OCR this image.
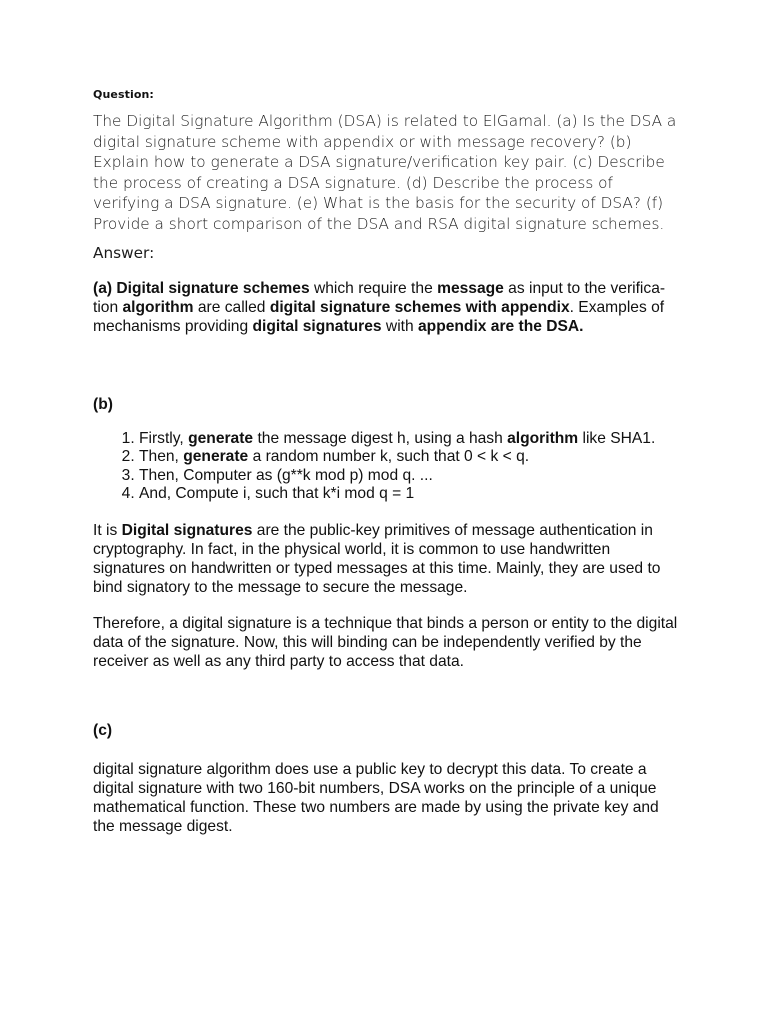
Question:

The Digital Signature Algorithm (DSA) is related to ElGamal. (a) Is the DSA a digital signature scheme with appendix or with message recovery? (b) Explain how to generate a DSA signature/verification key pair. (c) Describe the process of creating a DSA signature. (d) Describe the process of verifying a DSA signature. (e) What is the basis for the security of DSA? (f) Provide a short comparison of the DSA and RSA digital signature schemes.

Answer:

(a) Digital signature schemes which require the message as input to the verifica- tion algorithm are called digital signature schemes with appendix. Examples of mechanisms providing digital signatures with appendix are the DSA.

(b)

1. Firstly, generate the message digest h, using a hash algorithm like SHA1.
2. Then, generate a random number k, such that 0 < k < q.
3. Then, Computer as (g**k mod p) mod q. ...
4. And, Compute i, such that k*i mod q = 1

It is Digital signatures are the public-key primitives of message authentication in cryptography. In fact, in the physical world, it is common to use handwritten signatures on handwritten or typed messages at this time. Mainly, they are used to bind signatory to the message to secure the message.

Therefore, a digital signature is a technique that binds a person or entity to the digital data of the signature. Now, this will binding can be independently verified by the receiver as well as any third party to access that data.

(c)

digital signature algorithm does use a public key to decrypt this data. To create a digital signature with two 160-bit numbers, DSA works on the principle of a unique mathematical function. These two numbers are made by using the private key and the message digest.
